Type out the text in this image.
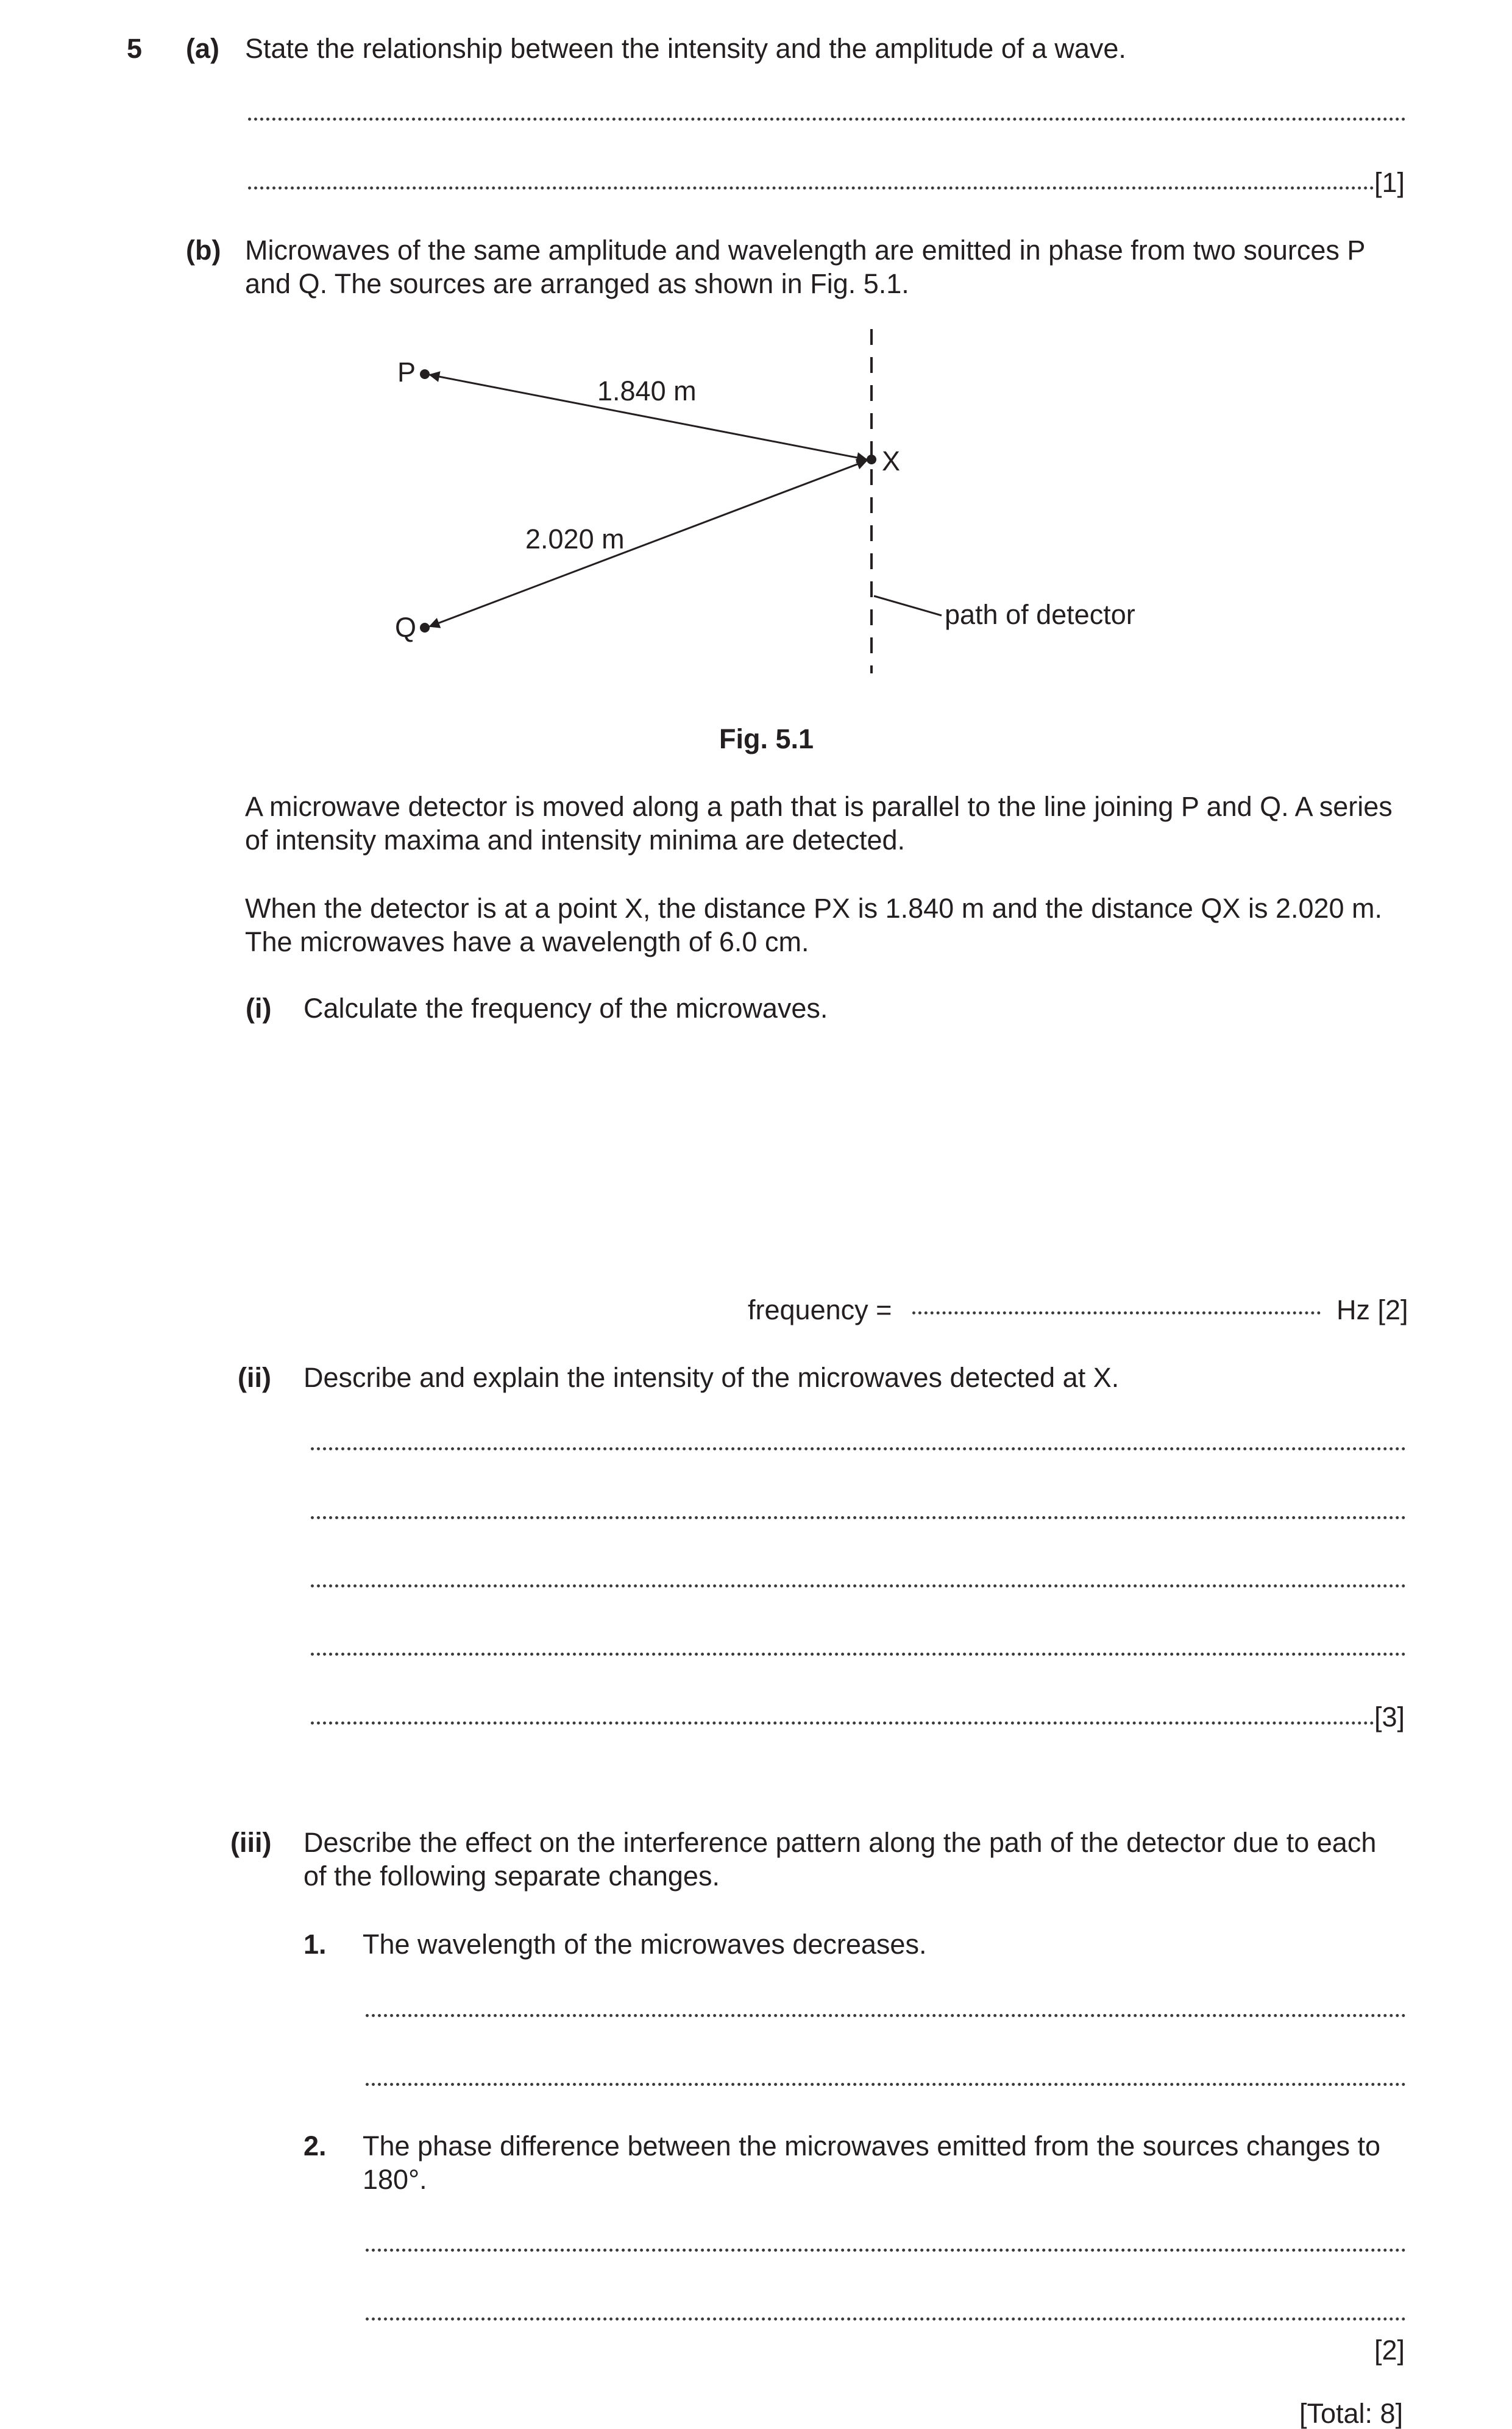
5 (a) State the relationship between the intensity and the amplitude of a wave.
[1]
(b) Microwaves of the same amplitude and wavelength are emitted in phase from two sources P
and Q. The sources are arranged as shown in Fig. 5.1.
P
Q
X
1.840 m
2.020 m
path of detector
Fig. 5.1
A microwave detector is moved along a path that is parallel to the line joining P and Q. A series
of intensity maxima and intensity minima are detected.
When the detector is at a point X, the distance PX is 1.840 m and the distance QX is 2.020 m.
The microwaves have a wavelength of 6.0 cm.
(i) Calculate the frequency of the microwaves.
frequency =	Hz [2]
(ii) Describe and explain the intensity of the microwaves detected at X.
[3]
(iii) Describe the effect on the interference pattern along the path of the detector due to each
of the following separate changes.
1. The wavelength of the microwaves decreases.
2. The phase difference between the microwaves emitted from the sources changes to
180°.
[2]
[Total: 8]
